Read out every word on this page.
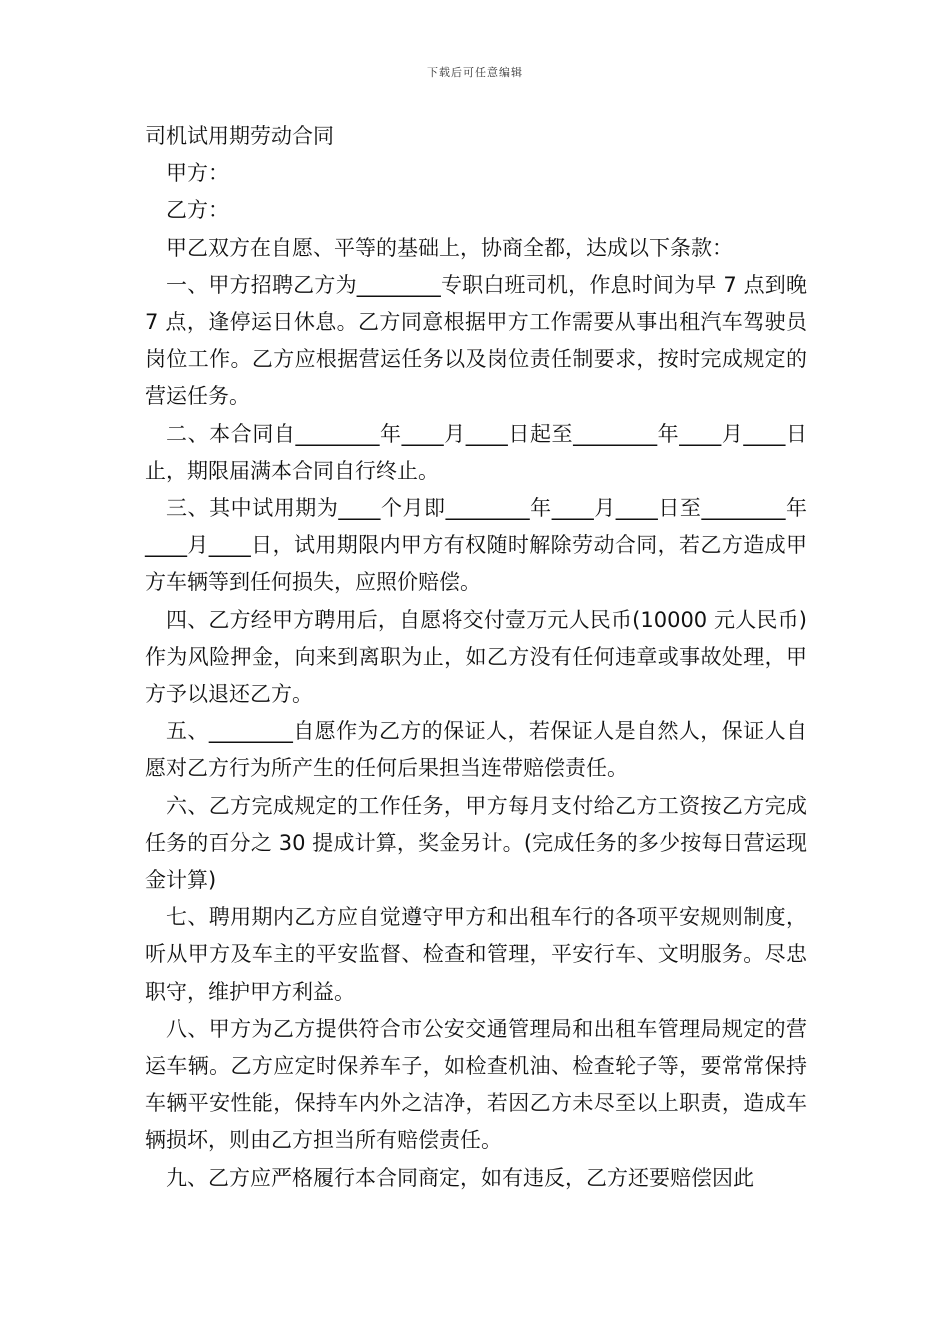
下载后可任意编辑
司机试用期劳动合同

甲方：

乙方：

甲乙双方在自愿、平等的基础上，协商全都，达成以下条款：

一、甲方招聘乙方为________专职白班司机，作息时间为早 7 点到晚 7 点，逢停运日休息。乙方同意根据甲方工作需要从事出租汽车驾驶员岗位工作。乙方应根据营运任务以及岗位责任制要求，按时完成规定的营运任务。

二、本合同自________年____月____日起至________年____月____日止，期限届满本合同自行终止。

三、其中试用期为____个月即________年____月____日至________年____月____日，试用期限内甲方有权随时解除劳动合同，若乙方造成甲方车辆等到任何损失，应照价赔偿。

四、乙方经甲方聘用后，自愿将交付壹万元人民币(10000 元人民币)作为风险押金，向来到离职为止，如乙方没有任何违章或事故处理，甲方予以退还乙方。

五、________自愿作为乙方的保证人，若保证人是自然人，保证人自愿对乙方行为所产生的任何后果担当连带赔偿责任。

六、乙方完成规定的工作任务，甲方每月支付给乙方工资按乙方完成任务的百分之 30 提成计算，奖金另计。(完成任务的多少按每日营运现金计算)

七、聘用期内乙方应自觉遵守甲方和出租车行的各项平安规则制度，听从甲方及车主的平安监督、检查和管理，平安行车、文明服务。尽忠职守，维护甲方利益。

八、甲方为乙方提供符合市公安交通管理局和出租车管理局规定的营运车辆。乙方应定时保养车子，如检查机油、检查轮子等，要常常保持车辆平安性能，保持车内外之洁净，若因乙方未尽至以上职责，造成车辆损坏，则由乙方担当所有赔偿责任。

九、乙方应严格履行本合同商定，如有违反，乙方还要赔偿因此
